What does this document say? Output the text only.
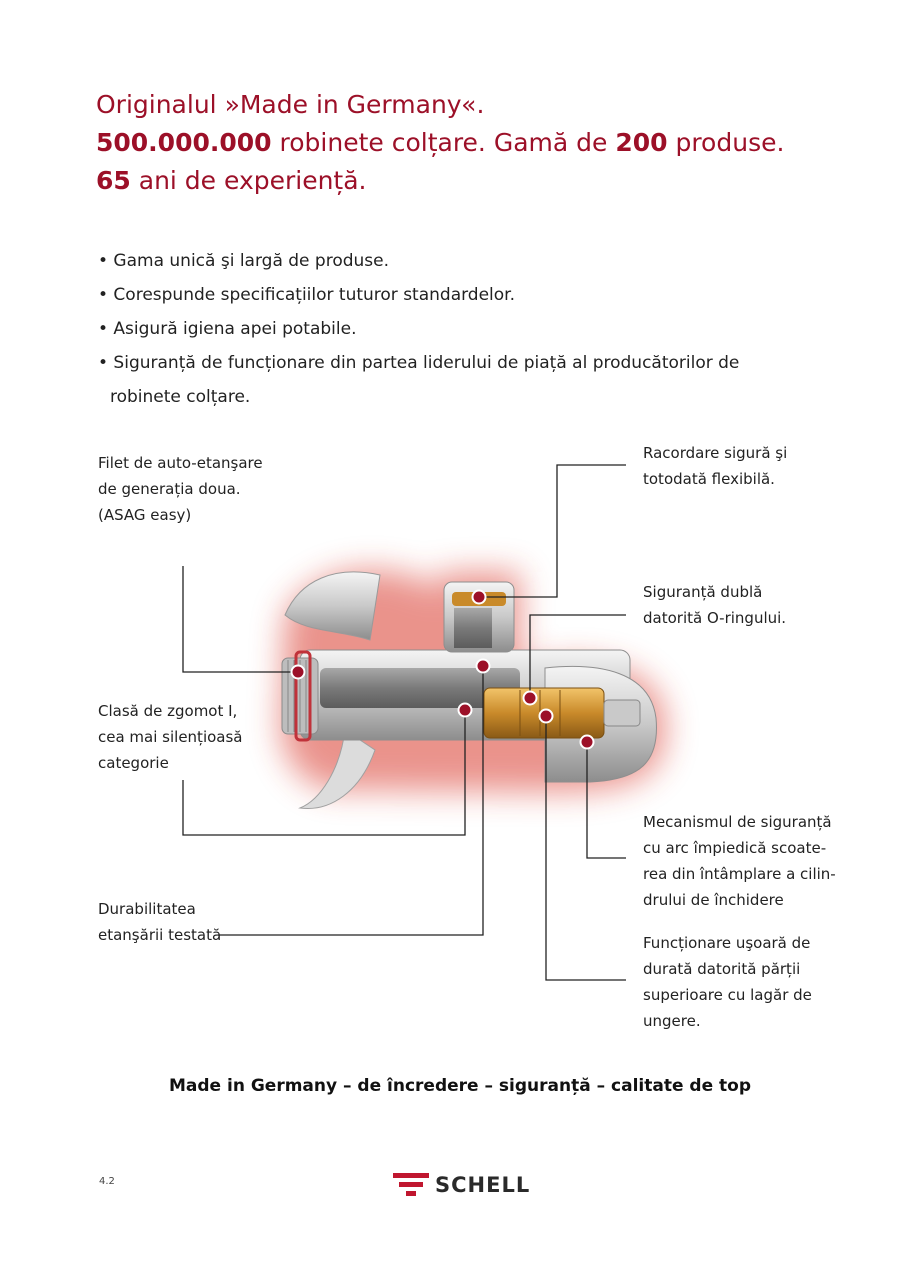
Originalul »Made in Germany«.
500.000.000 robinete colțare. Gamă de 200 produse.
65 ani de experiență.
• Gama unică şi largă de produse.
• Corespunde specificațiilor tuturor standardelor.
• Asigură igiena apei potabile.
• Siguranță de funcționare din partea liderului de piață al producătorilor de
robinete colțare.
Filet de auto-etanşare
de generația doua.
(ASAG easy)
Clasă de zgomot I,
cea mai silențioasă
categorie
Durabilitatea
etanşării testată
Racordare sigură şi
totodată flexibilă.
Siguranță dublă
datorită O-ringului.
Mecanismul de siguranță
cu arc împiedică scoate-
rea din întâmplare a cilin-
drului de închidere
Funcționare uşoară de
durată datorită părții
superioare cu lagăr de
ungere.
Made in Germany – de încredere – siguranță – calitate de top
4.2	SCHELL
